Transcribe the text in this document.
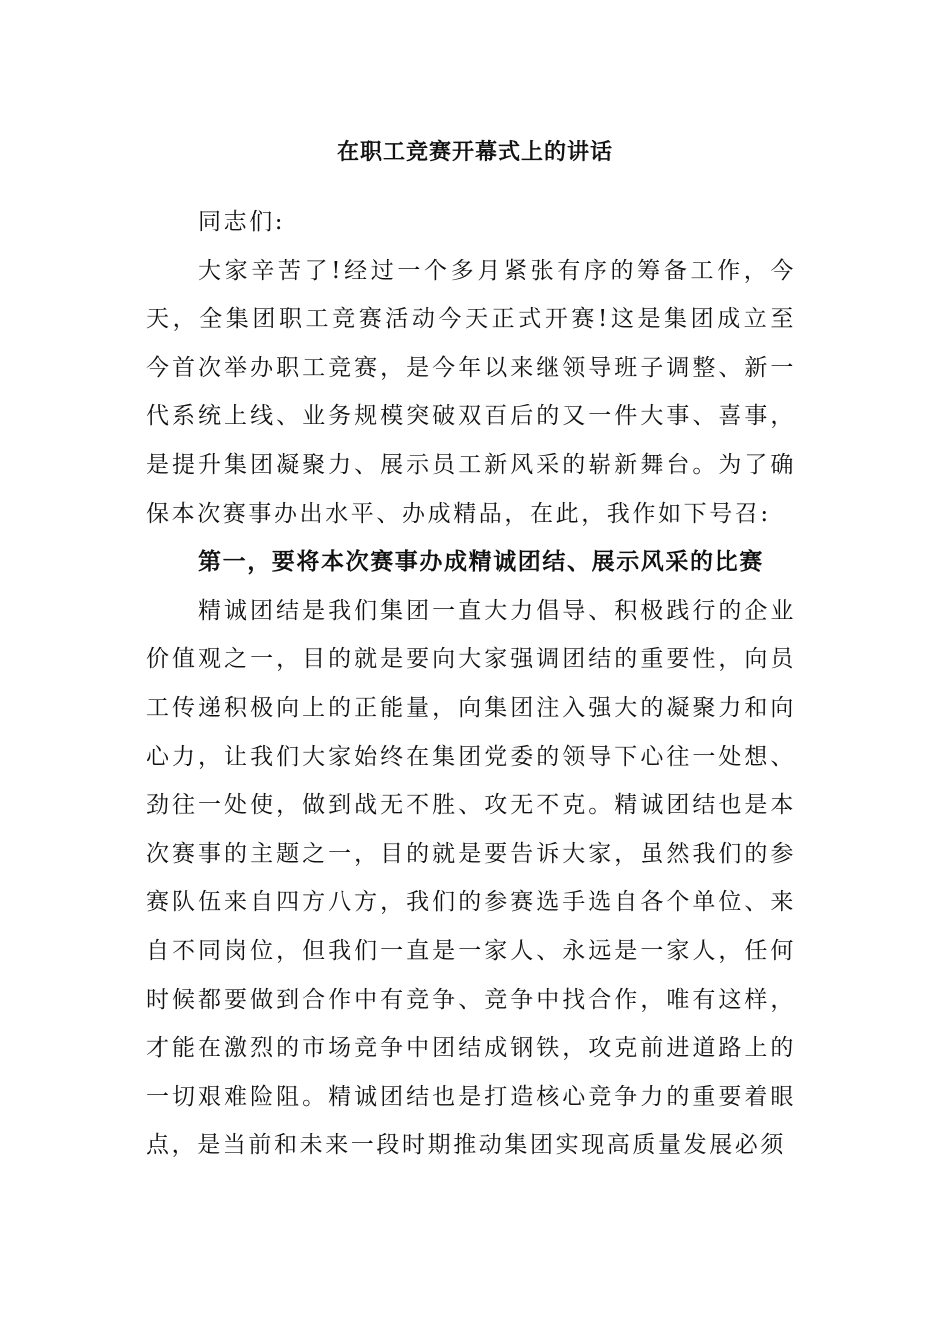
在职工竞赛开幕式上的讲话

同志们:

大家辛苦了!经过一个多月紧张有序的筹备工作，今天，全集团职工竞赛活动今天正式开赛!这是集团成立至今首次举办职工竞赛，是今年以来继领导班子调整、新一代系统上线、业务规模突破双百后的又一件大事、喜事，是提升集团凝聚力、展示员工新风采的崭新舞台。为了确保本次赛事办出水平、办成精品，在此，我作如下号召:

第一，要将本次赛事办成精诚团结、展示风采的比赛

精诚团结是我们集团一直大力倡导、积极践行的企业价值观之一，目的就是要向大家强调团结的重要性，向员工传递积极向上的正能量，向集团注入强大的凝聚力和向心力，让我们大家始终在集团党委的领导下心往一处想、劲往一处使，做到战无不胜、攻无不克。精诚团结也是本次赛事的主题之一，目的就是要告诉大家，虽然我们的参赛队伍来自四方八方，我们的参赛选手选自各个单位、来自不同岗位，但我们一直是一家人、永远是一家人，任何时候都要做到合作中有竞争、竞争中找合作，唯有这样，才能在激烈的市场竞争中团结成钢铁，攻克前进道路上的一切艰难险阻。精诚团结也是打造核心竞争力的重要着眼点，是当前和未来一段时期推动集团实现高质量发展必须
